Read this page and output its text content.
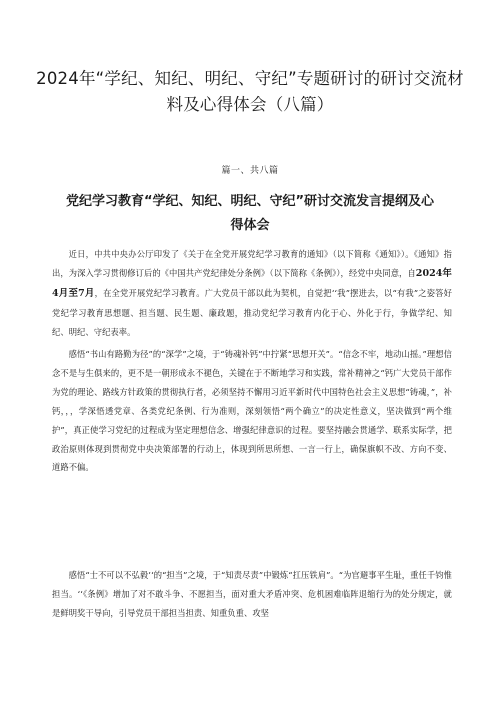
2024年“学纪、知纪、明纪、守纪”专题研讨的研讨交流材料及心得体会（八篇）
篇一、共八篇
党纪学习教育“学纪、知纪、明纪、守纪”研讨交流发言提纲及心得体会

近日，中共中央办公厅印发了《关于在全党开展党纪学习教育的通知》（以下简称《通知》）。《通知》指出，为深入学习贯彻修订后的《中国共产党纪律处分条例》（以下简称《条例》），经党中央同意，自2024年4月至7月，在全党开展党纪学习教育。广大党员干部以此为契机，自觉把‘‘我”摆进去，以“有我”之姿答好党纪学习教育思想题、担当题、民生题、廉政题，推动党纪学习教育内化于心、外化于行，争做学纪、知纪、明纪、守纪表率。

感悟“书山有路勤为径”的“深学”之境，于“铸魂补钙”中拧紧“思想开关”。“信念不牢，地动山摇。”理想信念不是与生俱来的，更不是一朝形成永不褪色，关键在于不断地学习和实践，常补精神之“钙广大党员干部作为党的理论、路线方针政策的贯彻执行者，必须坚持不懈用习近平新时代中国特色社会主义思想“铸魂，”，补钙，，，学深悟透党章、各类党纪条例、行为准则，深刻领悟“两个确立”的决定性意义，坚决做到“两个维护”，真正使学习党纪的过程成为坚定理想信念、增强纪律意识的过程。要坚持融会贯通学、联系实际学，把政治原则体现到贯彻党中央决策部署的行动上，体现到所思所想、一言一行上，确保旗帜不改、方向不变、道路不偏。

感悟“士不可以不弘毅’‘的“担当”之境，于“知责尽责”中锻炼“扛压铁肩”。“为官避事平生耻，重任千钧惟担当。‘‘《条例》增加了对不敢斗争、不愿担当，面对重大矛盾冲突、危机困难临阵退缩行为的处分规定，就是鲜明奖干导向，引导党员干部担当担责、知重负重、攻坚
